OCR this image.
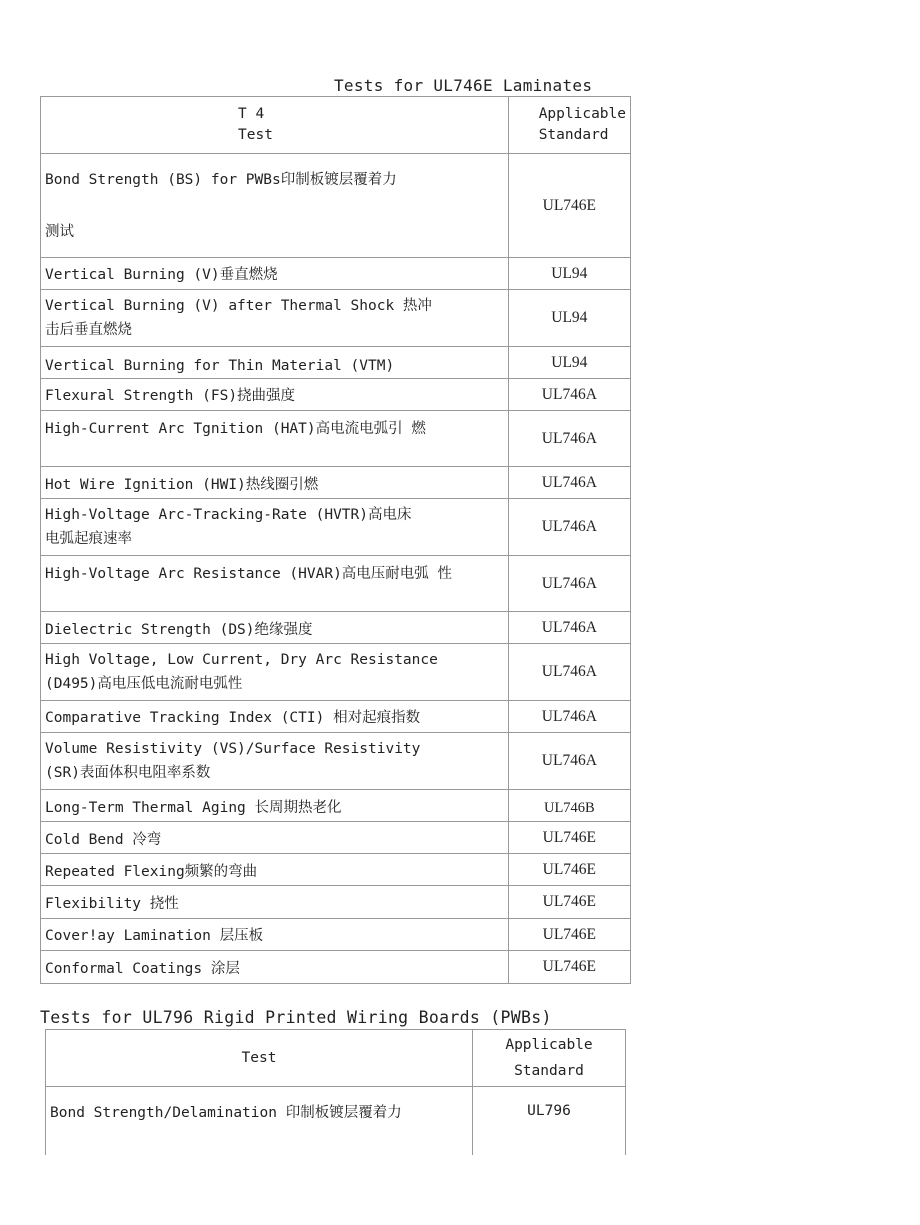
Tests for UL746E Laminates
T 4
Test	Applicable
Standard

Bond Strength (BS) for PWBs印制板镀层覆着力
测试	UL746E
Vertical Burning (V)垂直燃烧	UL94

Vertical Burning (V) after Thermal Shock 热冲
击后垂直燃烧	UL94
Vertical Burning for Thin Material (VTM)	UL94
Flexural Strength (FS)挠曲强度	UL746A
High-Current Arc Tgnition (HAT)高电流电弧引 燃	UL746A
Hot Wire Ignition (HWI)热线圈引燃	UL746A

High-Voltage Arc-Tracking-Rate (HVTR)高电床
电弧起痕速率	UL746A
High-Voltage Arc Resistance (HVAR)高电压耐电弧 性	UL746A
Dielectric Strength (DS)绝缘强度	UL746A

High Voltage, Low Current, Dry Arc Resistance
(D495)高电压低电流耐电弧性	UL746A
Comparative Tracking Index (CTI) 相对起痕指数	UL746A

Volume Resistivity (VS)/Surface Resistivity
(SR)表面体积电阻率系数	UL746A
Long-Term Thermal Aging 长周期热老化	UL746B
Cold Bend 冷弯	UL746E
Repeated Flexing频繁的弯曲	UL746E
Flexibility 挠性	UL746E
Cover!ay Lamination 层压板	UL746E
Conformal Coatings 涂层	UL746E
Tests for UL796 Rigid Printed Wiring Boards (PWBs)
Test	Applicable
Standard

Bond Strength/Delamination 印制板镀层覆着力	UL796
